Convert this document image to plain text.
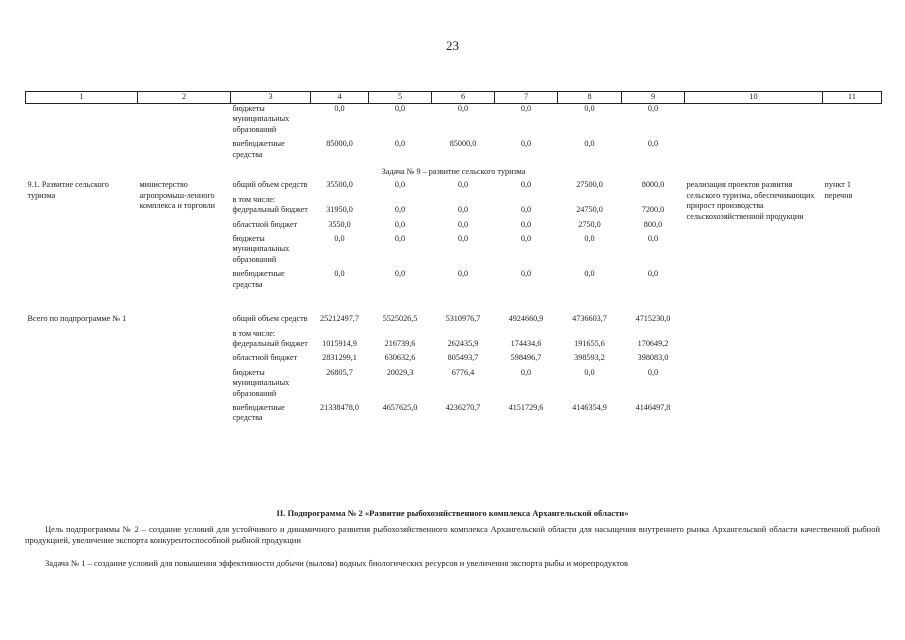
23
1	2	3	4	5	6	7	8	9	10	11
		бюджеты муниципальных образований	0,0	0,0	0,0	0,0	0,0	0,0		
		внебюджетные средства	85000,0	0,0	85000,0	0,0	0,0	0,0		
Задача № 9 – развитие сельского туризма										
9.1. Развитие сельского туризма	министерство агропромыш-ленного комплекса и торговли	общий объем средств	35500,0	0,0	0,0	0,0	27500,0	8000,0	реализация проектов развития сельского туризма, обеспечивающих прирост производства сельскохозяйственной продукции	пункт 1 перечня
		в том числе:								
		федеральный бюджет	31950,0	0,0	0,0	0,0	24750,0	7200,0		
		областной бюджет	3550,0	0,0	0,0	0,0	2750,0	800,0		
		бюджеты муниципальных образований	0,0	0,0	0,0	0,0	0,0	0,0		
		внебюджетные средства	0,0	0,0	0,0	0,0	0,0	0,0		

Всего по подпрограмме № 1		общий объем средств	25212497,7	5525026,5	5310976,7	4924660,9	4736603,7	4715230,0		
		в том числе:								
		федеральный бюджет	1015914,9	216739,6	262435,9	174434,6	191655,6	170649,2		
		областной бюджет	2831299,1	630632,6	805493,7	598496,7	398593,2	398083,0		
		бюджеты муниципальных образований	26805,7	20029,3	6776,4	0,0	0,0	0,0		
		внебюджетные средства	21338478,0	4657625,0	4236270,7	4151729,6	4146354,9	4146497,8		
II. Подпрограмма № 2 «Развитие рыбохозяйственного комплекса Архангельской области»
Цель подпрограммы № 2 – создание условий для устойчивого и динамичного развития рыбохозяйственного комплекса Архангельской области для насыщения внутреннего рынка Архангельской области качественной рыбной продукцией, увеличение экспорта конкурентоспособной рыбной продукции
Задача № 1 – создание условий для повышения эффективности добычи (вылова) водных биологических ресурсов и увеличения экспорта рыбы и морепродуктов
